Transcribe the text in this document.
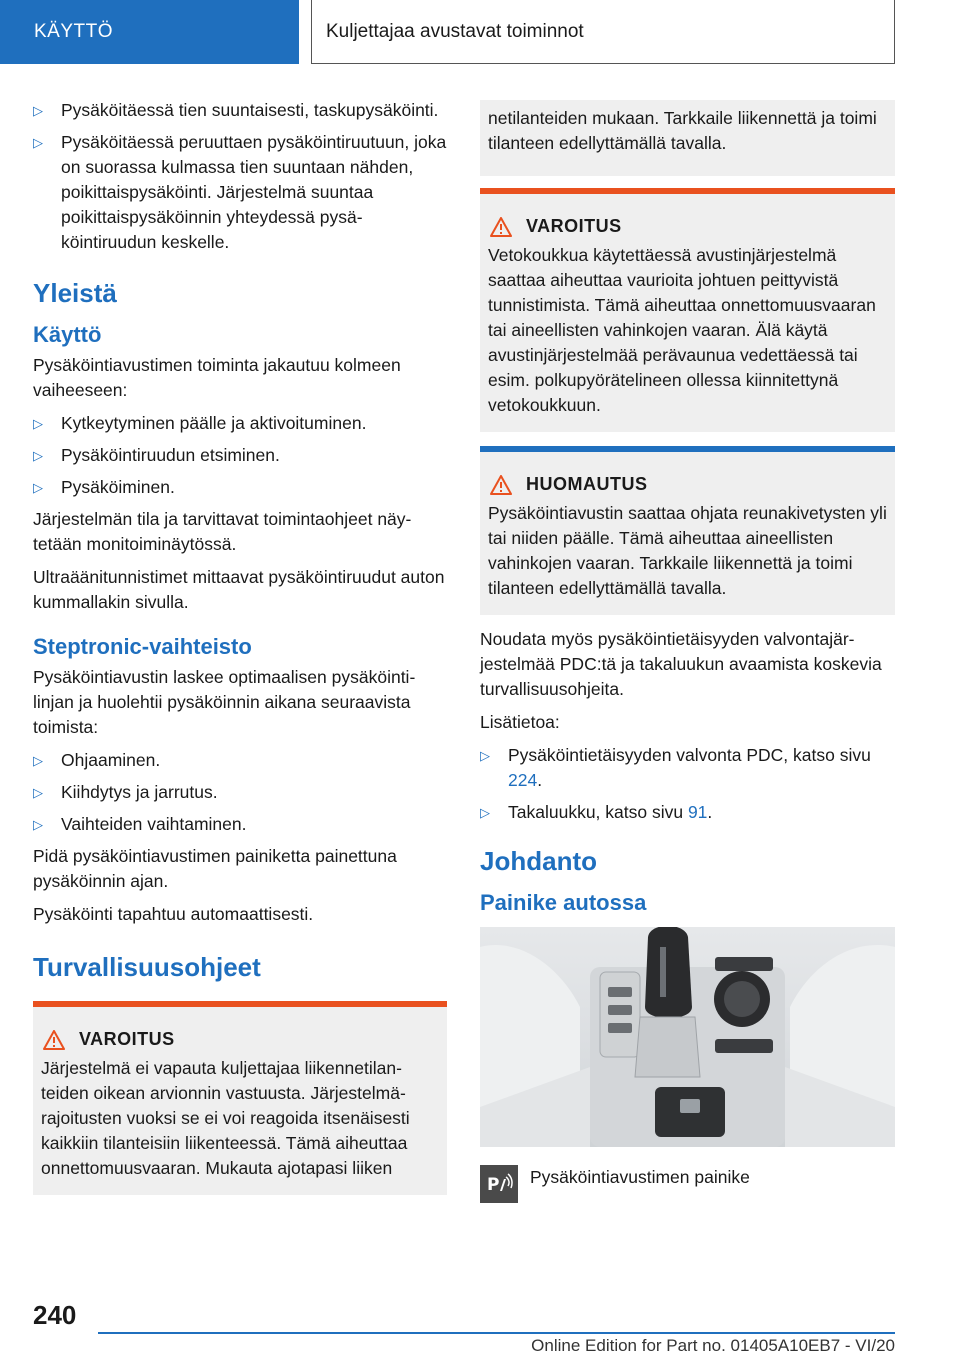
KÄYTTÖ	Kuljettajaa avustavat toiminnot
▷ Pysäköitäessä tien suuntaisesti, taskupysäköinti.
▷ Pysäköitäessä peruuttaen pysäköintiruutuun, joka on suorassa kulmassa tien suuntaan nähden, poikittaispysäköinti. Järjestelmä suuntaa poikittaispysäköinnin yhteydessä pysäköintiruudun keskelle.
Yleistä
Käyttö

Pysäköintiavustimen toiminta jakautuu kolmeen vaiheeseen:

▷ Kytkeytyminen päälle ja aktivoituminen.
▷ Pysäköintiruudun etsiminen.
▷ Pysäköiminen.

Järjestelmän tila ja tarvittavat toimintaohjeet näytetään monitoiminäytössä.

Ultraäänitunnistimet mittaavat pysäköintiruudut auton kummallakin sivulla.

Steptronic-vaihteisto

Pysäköintiavustin laskee optimaalisen pysäköintilinjan ja huolehtii pysäköinnin aikana seuraavista toimista:

▷ Ohjaaminen.
▷ Kiihdytys ja jarrutus.
▷ Vaihteiden vaihtaminen.

Pidä pysäköintiavustimen painiketta painettuna pysäköinnin ajan.

Pysäköinti tapahtuu automaattisesti.

Turvallisuusohjeet
VAROITUS

Järjestelmä ei vapauta kuljettajaa liikennetilanteiden oikean arvionnin vastuusta. Järjestelmärajoitusten vuoksi se ei voi reagoida itsenäisesti kaikkiin tilanteisiin liikenteessä. Tämä aiheuttaa onnettomuusvaaran. Mukauta ajotapasi liiken

netilanteiden mukaan. Tarkkaile liikennettä ja toimi tilanteen edellyttämällä tavalla.

VAROITUS

Vetokoukkua käytettäessä avustinjärjestelmä saattaa aiheuttaa vaurioita johtuen peittyvistä tunnistimista. Tämä aiheuttaa onnettomuusvaaran tai aineellisten vahinkojen vaaran. Älä käytä avustinjärjestelmää perävaunua vedettäessä tai esim. polkupyörätelineen ollessa kiinnitettynä vetokoukkuun.

HUOMAUTUS

Pysäköintiavustin saattaa ohjata reunakivetysten yli tai niiden päälle. Tämä aiheuttaa aineellisten vahinkojen vaaran. Tarkkaile liikennettä ja toimi tilanteen edellyttämällä tavalla.

Noudata myös pysäköintietäisyyden valvontajärjestelmää PDC:tä ja takaluukun avaamista koskevia turvallisuusohjeita.

Lisätietoa:

▷ Pysäköintietäisyyden valvonta PDC, katso sivu 224.
▷ Takaluukku, katso sivu 91.
Johdanto
Painike autossa
P Pysäköintiavustimen painike

240
Online Edition for Part no. 01405A10EB7 - VI/20
